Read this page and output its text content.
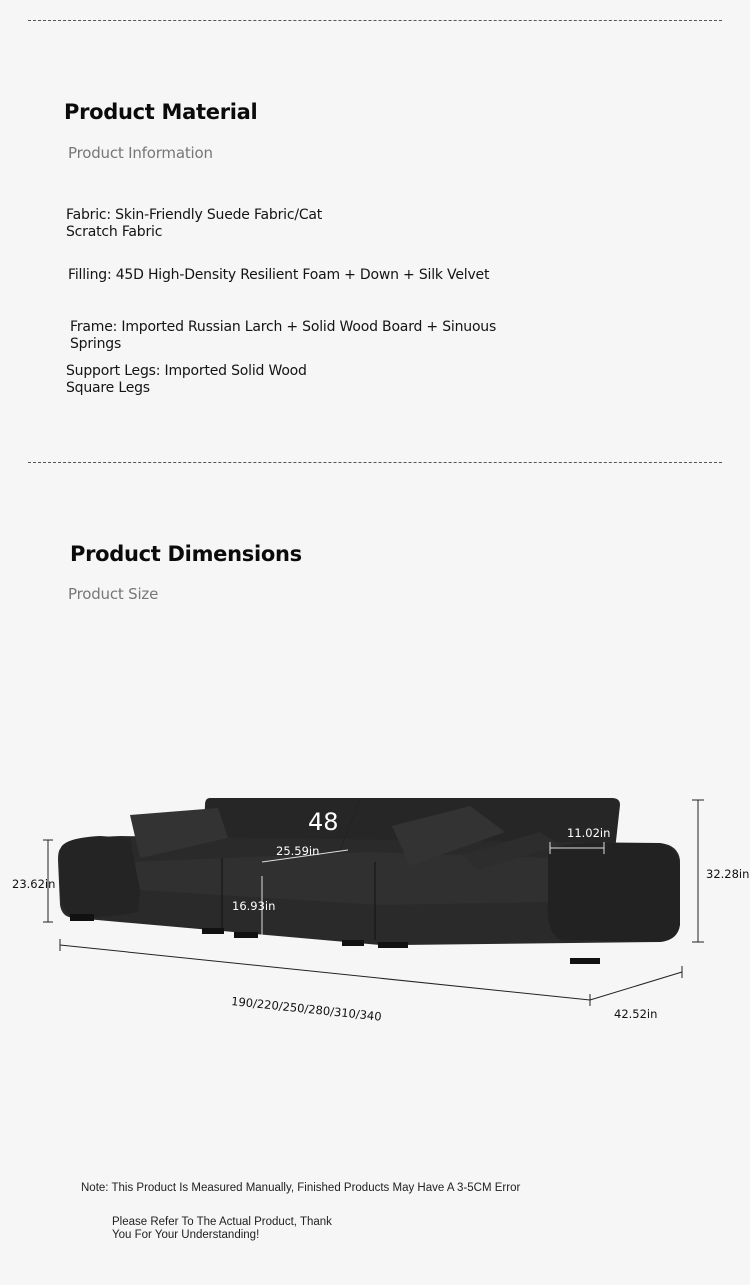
Product Material
Product Information
Fabric: Skin-Friendly Suede Fabric/Cat Scratch Fabric
Filling: 45D High-Density Resilient Foam + Down + Silk Velvet
Frame: Imported Russian Larch + Solid Wood Board + Sinuous Springs
Support Legs: Imported Solid Wood Square Legs
Product Dimensions
Product Size
48
25.59in
11.02in
23.62in
32.28in
16.93in
190/220/250/280/310/340	42.52in
Note: This Product Is Measured Manually, Finished Products May Have A 3-5CM Error
Please Refer To The Actual Product, Thank You For Your Understanding!
